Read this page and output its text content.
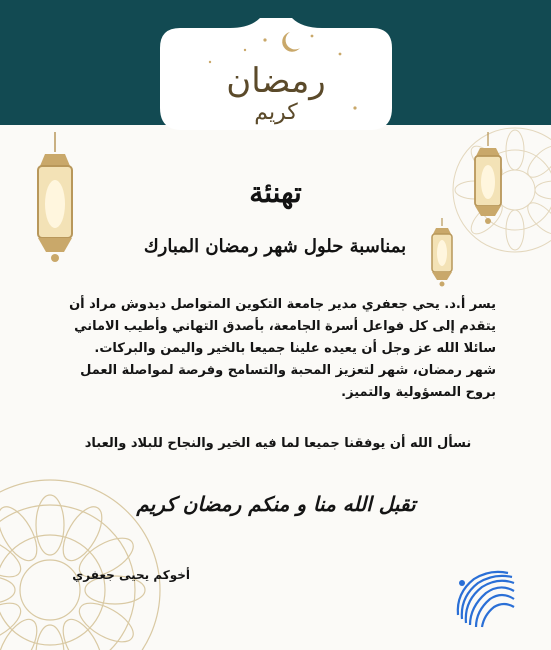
رمضان
كريم
تهنئة
بمناسبة حلول شهر رمضان المبارك

يسر أ.د. يحي جعفري مدير جامعة التكوين المتواصل ديدوش مراد أن

يتقدم إلى كل فواعل أسرة الجامعة، بأصدق التهاني وأطيب الاماني

سائلا الله عز وجل أن يعيده علينا جميعا بالخير واليمن والبركات.

شهر رمضان، شهر لتعزيز المحبة والتسامح وفرصة لمواصلة العمل

بروح المسؤولية والتميز.

نسأل الله أن يوفقنا جميعا لما فيه الخير والنجاح للبلاد والعباد
تقبل الله منا و منكم رمضان كريم
أخوكم يحيى جعفري
